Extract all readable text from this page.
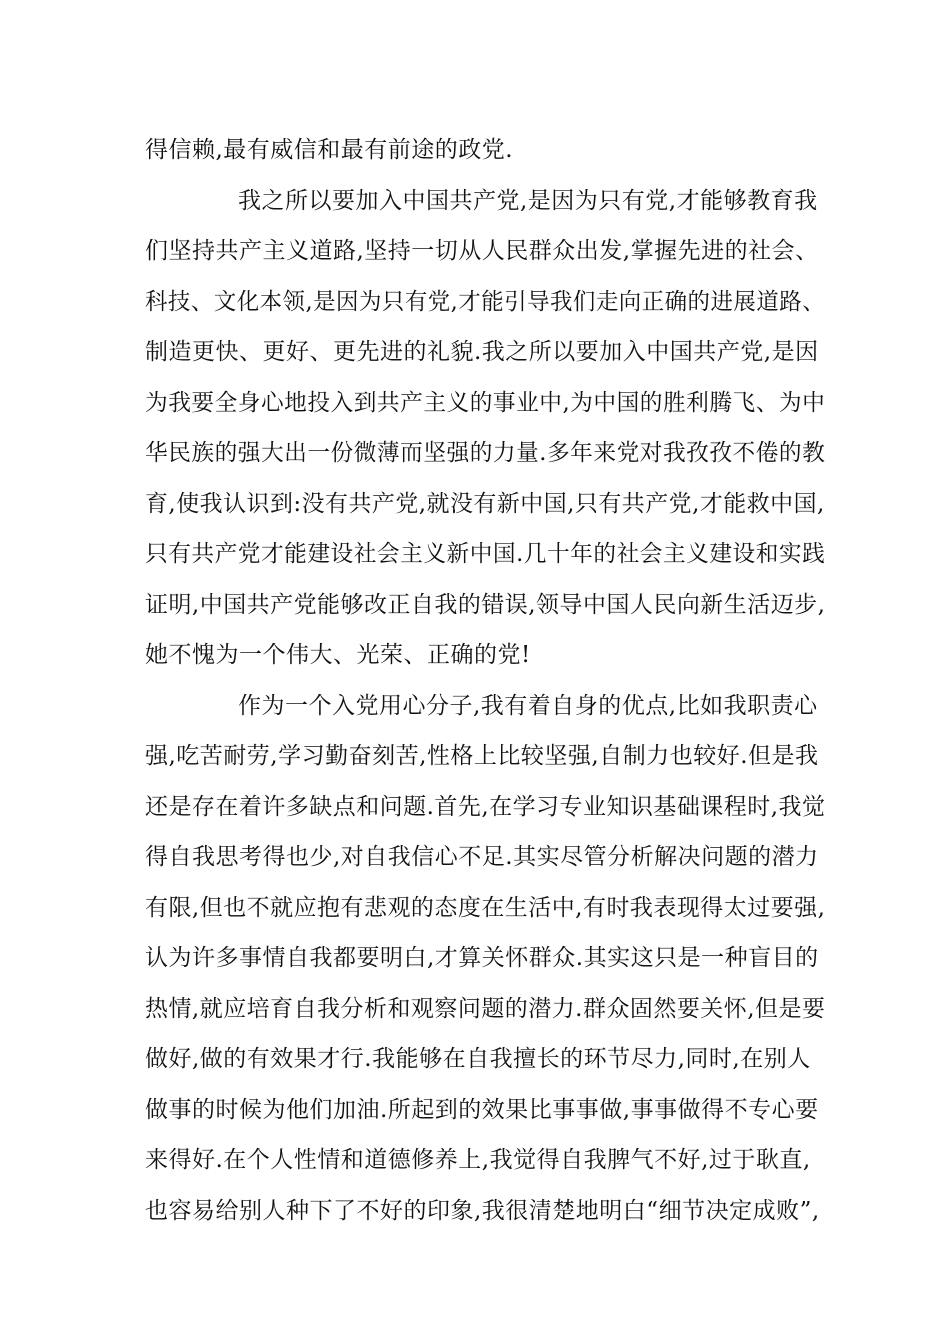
得信赖,最有威信和最有前途的政党.
我之所以要加入中国共产党,是因为只有党,才能够教育我
们坚持共产主义道路,坚持一切从人民群众出发,掌握先进的社会、
科技、文化本领,是因为只有党,才能引导我们走向正确的进展道路、
制造更快、更好、更先进的礼貌.我之所以要加入中国共产党,是因
为我要全身心地投入到共产主义的事业中,为中国的胜利腾飞、为中
华民族的强大出一份微薄而坚强的力量.多年来党对我孜孜不倦的教
育,使我认识到:没有共产党,就没有新中国,只有共产党,才能救中国,
只有共产党才能建设社会主义新中国.几十年的社会主义建设和实践
证明,中国共产党能够改正自我的错误,领导中国人民向新生活迈步,
她不愧为一个伟大、光荣、正确的党!
作为一个入党用心分子,我有着自身的优点,比如我职责心
强,吃苦耐劳,学习勤奋刻苦,性格上比较坚强,自制力也较好.但是我
还是存在着许多缺点和问题.首先,在学习专业知识基础课程时,我觉
得自我思考得也少,对自我信心不足.其实尽管分析解决问题的潜力
有限,但也不就应抱有悲观的态度在生活中,有时我表现得太过要强,
认为许多事情自我都要明白,才算关怀群众.其实这只是一种盲目的
热情,就应培育自我分析和观察问题的潜力.群众固然要关怀,但是要
做好,做的有效果才行.我能够在自我擅长的环节尽力,同时,在别人
做事的时候为他们加油.所起到的效果比事事做,事事做得不专心要
来得好.在个人性情和道德修养上,我觉得自我脾气不好,过于耿直,
也容易给别人种下了不好的印象,我很清楚地明白“细节决定成败”,
